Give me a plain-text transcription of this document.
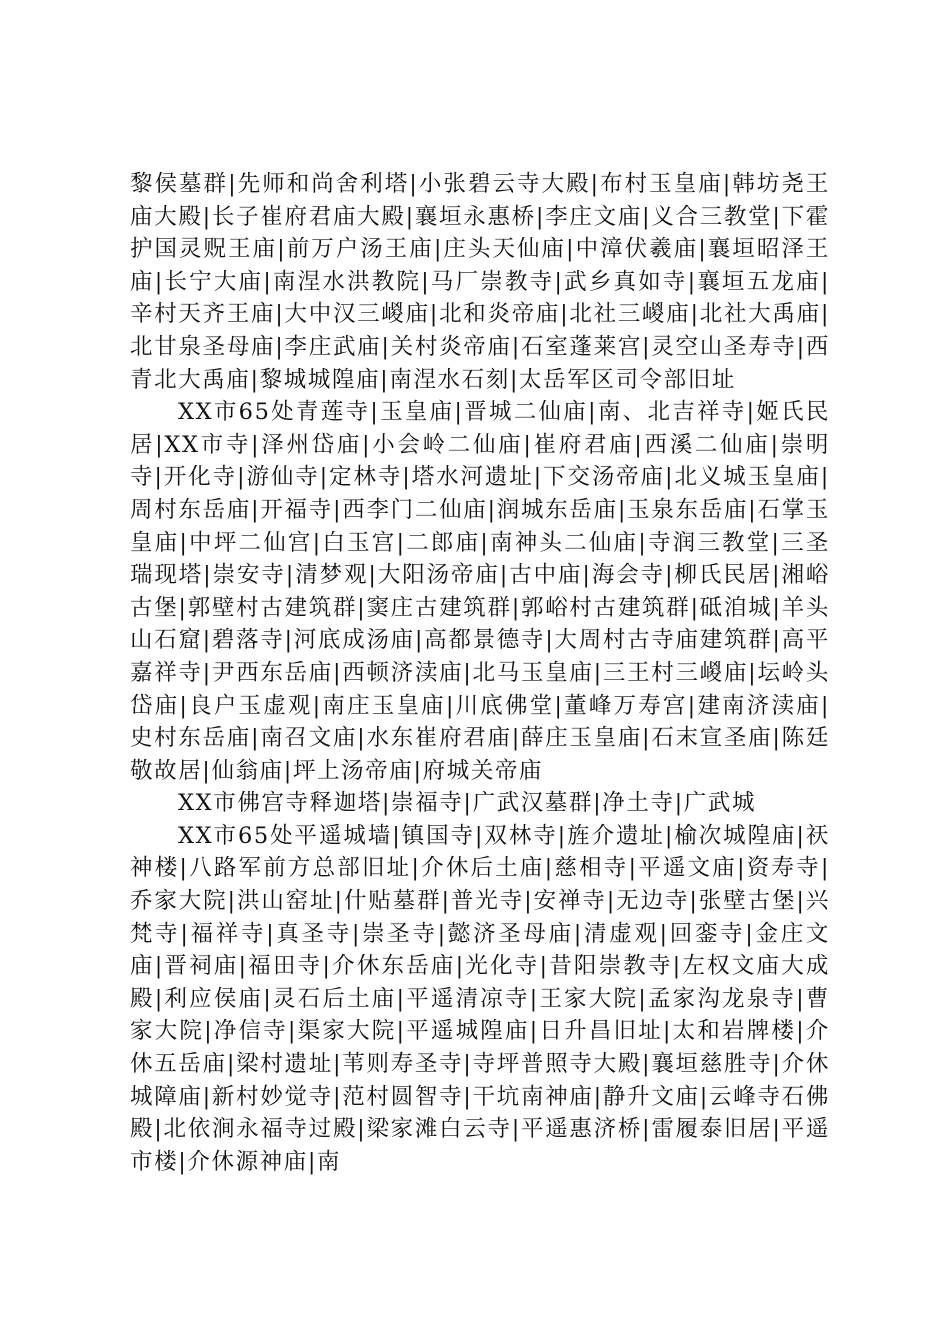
黎侯墓群|先师和尚舍利塔|小张碧云寺大殿|布村玉皇庙|韩坊尧王庙大殿|长子崔府君庙大殿|襄垣永惠桥|李庄文庙|义合三教堂|下霍护国灵贶王庙|前万户汤王庙|庄头天仙庙|中漳伏羲庙|襄垣昭泽王庙|长宁大庙|南涅水洪教院|马厂崇教寺|武乡真如寺|襄垣五龙庙|辛村天齐王庙|大中汉三嵕庙|北和炎帝庙|北社三嵕庙|北社大禹庙|北甘泉圣母庙|李庄武庙|关村炎帝庙|石室蓬莱宫|灵空山圣寿寺|西青北大禹庙|黎城城隍庙|南涅水石刻|太岳军区司令部旧址

XX市65处青莲寺|玉皇庙|晋城二仙庙|南、北吉祥寺|姬氏民居|XX市寺|泽州岱庙|小会岭二仙庙|崔府君庙|西溪二仙庙|崇明寺|开化寺|游仙寺|定林寺|塔水河遗址|下交汤帝庙|北义城玉皇庙|周村东岳庙|开福寺|西李门二仙庙|润城东岳庙|玉泉东岳庙|石掌玉皇庙|中坪二仙宫|白玉宫|二郎庙|南神头二仙庙|寺润三教堂|三圣瑞现塔|崇安寺|清梦观|大阳汤帝庙|古中庙|海会寺|柳氏民居|湘峪古堡|郭壁村古建筑群|窦庄古建筑群|郭峪村古建筑群|砥洎城|羊头山石窟|碧落寺|河底成汤庙|高都景德寺|大周村古寺庙建筑群|高平嘉祥寺|尹西东岳庙|西顿济渎庙|北马玉皇庙|三王村三嵕庙|坛岭头岱庙|良户玉虚观|南庄玉皇庙|川底佛堂|董峰万寿宫|建南济渎庙|史村东岳庙|南召文庙|水东崔府君庙|薛庄玉皇庙|石末宣圣庙|陈廷敬故居|仙翁庙|坪上汤帝庙|府城关帝庙

XX市佛宫寺释迦塔|崇福寺|广武汉墓群|净土寺|广武城

XX市65处平遥城墙|镇国寺|双林寺|旌介遗址|榆次城隍庙|祆神楼|八路军前方总部旧址|介休后土庙|慈相寺|平遥文庙|资寿寺|乔家大院|洪山窑址|什贴墓群|普光寺|安禅寺|无边寺|张壁古堡|兴梵寺|福祥寺|真圣寺|崇圣寺|懿济圣母庙|清虚观|回銮寺|金庄文庙|晋祠庙|福田寺|介休东岳庙|光化寺|昔阳崇教寺|左权文庙大成殿|利应侯庙|灵石后土庙|平遥清凉寺|王家大院|孟家沟龙泉寺|曹家大院|净信寺|渠家大院|平遥城隍庙|日升昌旧址|太和岩牌楼|介休五岳庙|梁村遗址|苇则寿圣寺|寺坪普照寺大殿|襄垣慈胜寺|介休城障庙|新村妙觉寺|范村圆智寺|干坑南神庙|静升文庙|云峰寺石佛殿|北依涧永福寺过殿|梁家滩白云寺|平遥惠济桥|雷履泰旧居|平遥市楼|介休源神庙|南
